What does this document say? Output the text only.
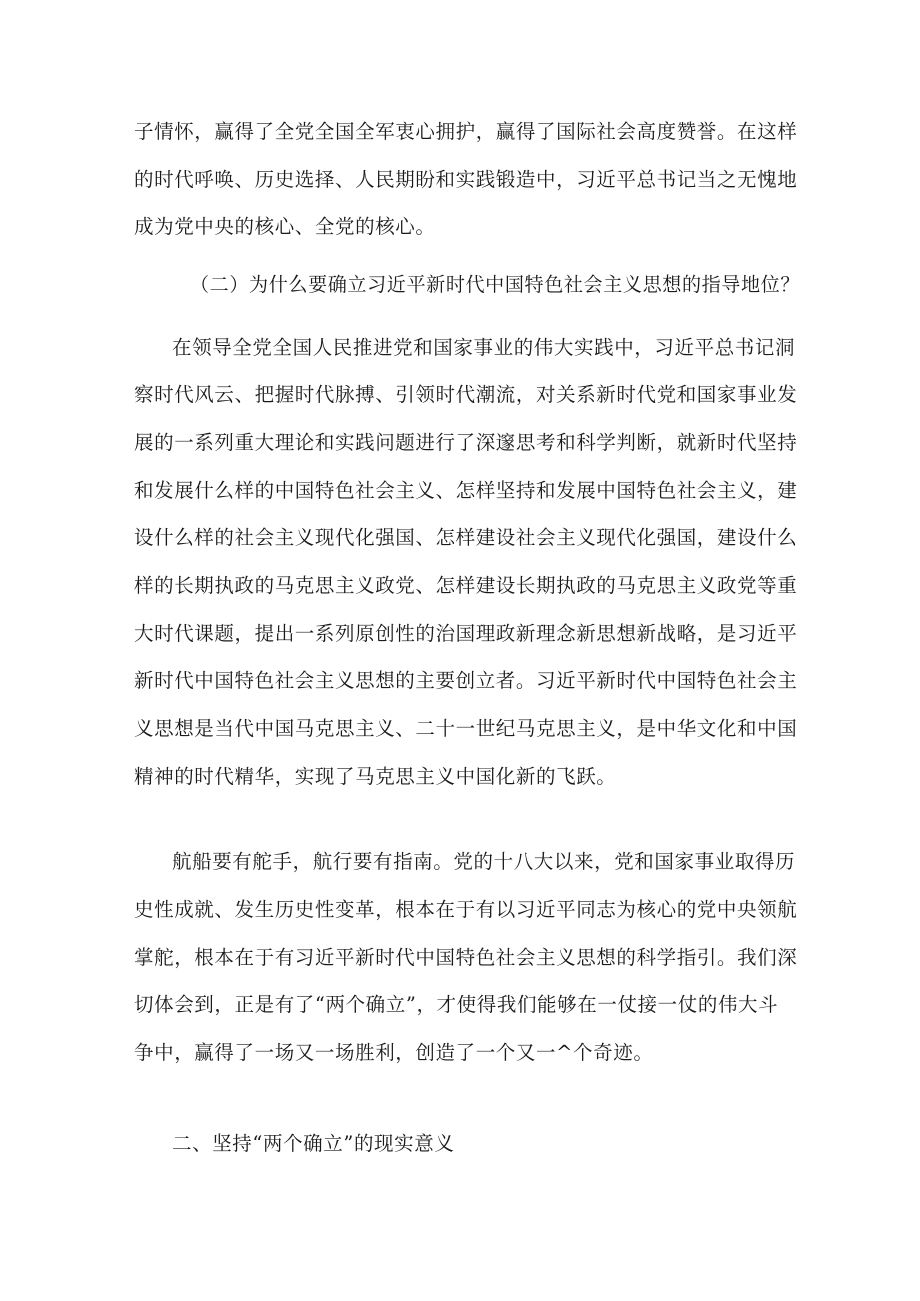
子情怀，赢得了全党全国全军衷心拥护，赢得了国际社会高度赞誉。在这样
的时代呼唤、历史选择、人民期盼和实践锻造中，习近平总书记当之无愧地
成为党中央的核心、全党的核心。
（二）为什么要确立习近平新时代中国特色社会主义思想的指导地位？
在领导全党全国人民推进党和国家事业的伟大实践中，习近平总书记洞
察时代风云、把握时代脉搏、引领时代潮流，对关系新时代党和国家事业发
展的一系列重大理论和实践问题进行了深邃思考和科学判断，就新时代坚持
和发展什么样的中国特色社会主义、怎样坚持和发展中国特色社会主义，建
设什么样的社会主义现代化强国、怎样建设社会主义现代化强国，建设什么
样的长期执政的马克思主义政党、怎样建设长期执政的马克思主义政党等重
大时代课题，提出一系列原创性的治国理政新理念新思想新战略，是习近平
新时代中国特色社会主义思想的主要创立者。习近平新时代中国特色社会主
义思想是当代中国马克思主义、二十一世纪马克思主义，是中华文化和中国
精神的时代精华，实现了马克思主义中国化新的飞跃。
航船要有舵手，航行要有指南。党的十八大以来，党和国家事业取得历
史性成就、发生历史性变革，根本在于有以习近平同志为核心的党中央领航
掌舵，根本在于有习近平新时代中国特色社会主义思想的科学指引。我们深
切体会到，正是有了“两个确立”，才使得我们能够在一仗接一仗的伟大斗
争中，赢得了一场又一场胜利，创造了一个又一^个奇迹。
二、坚持“两个确立”的现实意义
